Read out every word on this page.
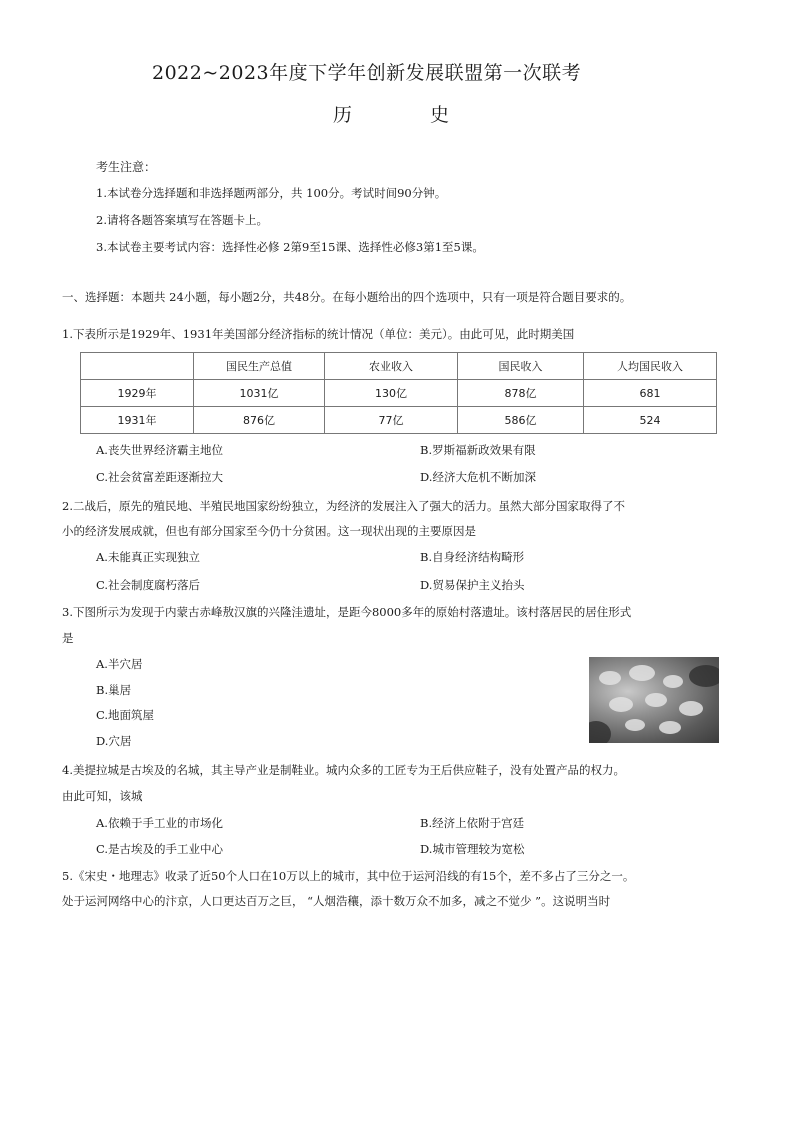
2022~2023年度下学年创新发展联盟第一次联考
历	史
考生注意：
1.本试卷分选择题和非选择题两部分，共 100分。考试时间90分钟。
2.请将各题答案填写在答题卡上。
3.本试卷主要考试内容：选择性必修 2第9至15课、选择性必修3第1至5课。
一、选择题：本题共 24小题，每小题2分，共48分。在每小题给出的四个选项中，只有一项是符合题目要求的。
1.下表所示是1929年、1931年美国部分经济指标的统计情况（单位：美元）。由此可见，此时期美国
	国民生产总值	农业收入	国民收入	人均国民收入
1929年	1031亿	130亿	878亿	681
1931年	876亿	77亿	586亿	524
A.丧失世界经济霸主地位	B.罗斯福新政效果有限
C.社会贫富差距逐渐拉大	D.经济大危机不断加深
2.二战后，原先的殖民地、半殖民地国家纷纷独立，为经济的发展注入了强大的活力。虽然大部分国家取得了不
小的经济发展成就，但也有部分国家至今仍十分贫困。这一现状出现的主要原因是
A.未能真正实现独立	B.自身经济结构畸形
C.社会制度腐朽落后	D.贸易保护主义抬头
3.下图所示为发现于内蒙古赤峰敖汉旗的兴隆洼遗址，是距今8000多年的原始村落遗址。该村落居民的居住形式
是
A.半穴居
B.巢居
C.地面筑屋
D.穴居
4.美提拉城是古埃及的名城，其主导产业是制鞋业。城内众多的工匠专为王后供应鞋子，没有处置产品的权力。
由此可知，该城
A.依赖于手工业的市场化	B.经济上依附于宫廷
C.是古埃及的手工业中心	D.城市管理较为宽松
5.《宋史・地理志》收录了近50个人口在10万以上的城市，其中位于运河沿线的有15个，差不多占了三分之一。
处于运河网络中心的汴京，人口更达百万之巨， “人烟浩穰，添十数万众不加多，减之不觉少 ”。这说明当时
